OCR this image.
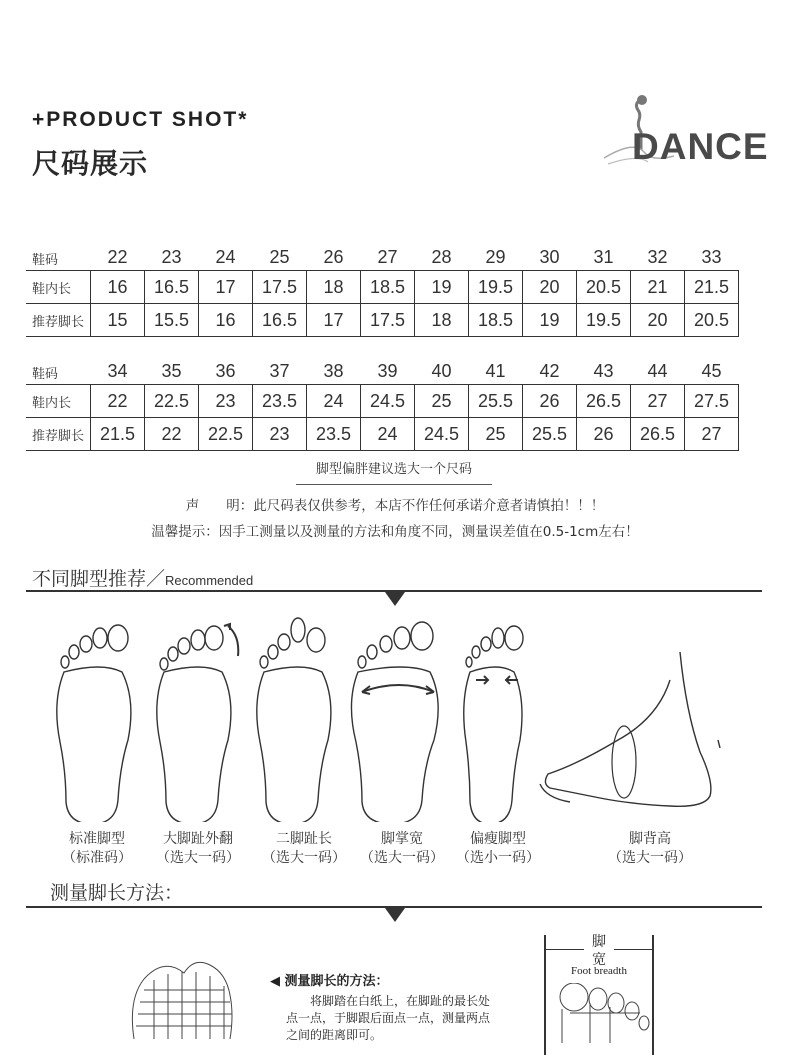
+PRODUCT SHOT*
尺码展示	DANCE
鞋码	22	23	24	25	26	27	28	29	30	31	32	33
鞋内长	16	16.5	17	17.5	18	18.5	19	19.5	20	20.5	21	21.5
推荐脚长	15	15.5	16	16.5	17	17.5	18	18.5	19	19.5	20	20.5
鞋码	34	35	36	37	38	39	40	41	42	43	44	45
鞋内长	22	22.5	23	23.5	24	24.5	25	25.5	26	26.5	27	27.5
推荐脚长	21.5	22	22.5	23	23.5	24	24.5	25	25.5	26	26.5	27
脚型偏胖建议选大一个尺码
声　　明：此尺码表仅供参考，本店不作任何承诺介意者请慎拍！！！
温馨提示：因手工测量以及测量的方法和角度不同，测量误差值在0.5-1cm左右！
不同脚型推荐／Recommended
标准脚型
（标准码）
大脚趾外翻
（选大一码）
二脚趾长
（选大一码）
脚掌宽
（选大一码）
偏瘦脚型
（选小一码）
脚背高
（选大一码）
测量脚长方法：
◀ 测量脚长的方法：
将脚踏在白纸上，在脚趾的最长处
点一点，于脚跟后面点一点，测量两点
之间的距离即可。
脚
宽
Foot breadth
